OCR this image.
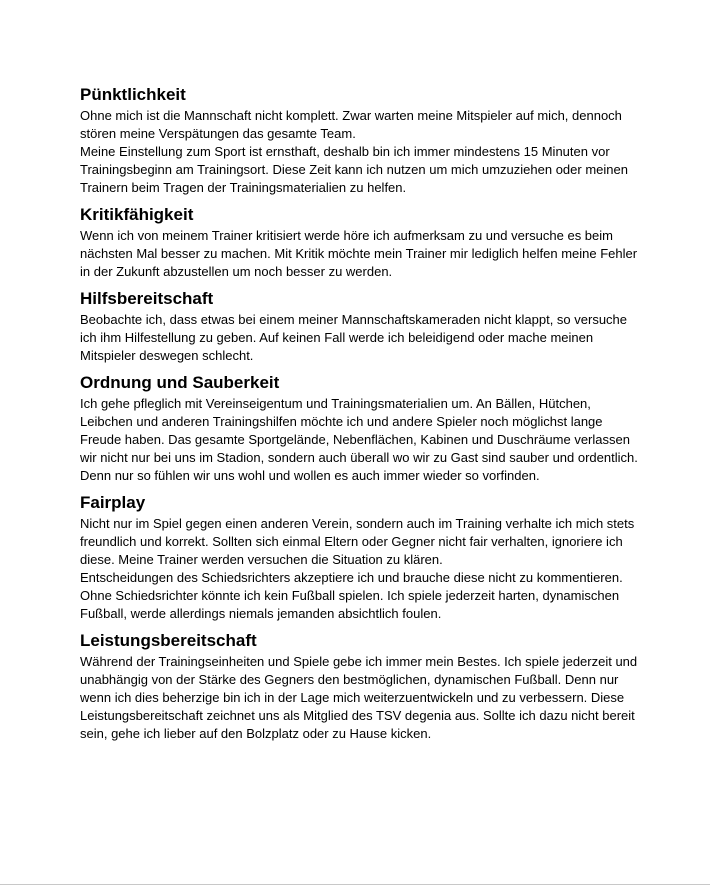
Pünktlichkeit

Ohne mich ist die Mannschaft nicht komplett. Zwar warten meine Mitspieler auf mich, dennoch stören meine Verspätungen das gesamte Team.

Meine Einstellung zum Sport ist ernsthaft, deshalb bin ich immer mindestens 15 Minuten vor Trainingsbeginn am Trainingsort. Diese Zeit kann ich nutzen um mich umzuziehen oder meinen Trainern beim Tragen der Trainingsmaterialien zu helfen.

Kritikfähigkeit

Wenn ich von meinem Trainer kritisiert werde höre ich aufmerksam zu und versuche es beim nächsten Mal besser zu machen. Mit Kritik möchte mein Trainer mir lediglich helfen meine Fehler in der Zukunft abzustellen um noch besser zu werden.

Hilfsbereitschaft

Beobachte ich, dass etwas bei einem meiner Mannschaftskameraden nicht klappt, so versuche ich ihm Hilfestellung zu geben. Auf keinen Fall werde ich beleidigend oder mache meinen Mitspieler deswegen schlecht.

Ordnung und Sauberkeit

Ich gehe pfleglich mit Vereinseigentum und Trainingsmaterialien um. An Bällen, Hütchen, Leibchen und anderen Trainingshilfen möchte ich und andere Spieler noch möglichst lange Freude haben. Das gesamte Sportgelände, Nebenflächen, Kabinen und Duschräume verlassen wir nicht nur bei uns im Stadion, sondern auch überall wo wir zu Gast sind sauber und ordentlich. Denn nur so fühlen wir uns wohl und wollen es auch immer wieder so vorfinden.

Fairplay

Nicht nur im Spiel gegen einen anderen Verein, sondern auch im Training verhalte ich mich stets freundlich und korrekt. Sollten sich einmal Eltern oder Gegner nicht fair verhalten, ignoriere ich diese. Meine Trainer werden versuchen die Situation zu klären.

Entscheidungen des Schiedsrichters akzeptiere ich und brauche diese nicht zu kommentieren. Ohne Schiedsrichter könnte ich kein Fußball spielen. Ich spiele jederzeit harten, dynamischen Fußball, werde allerdings niemals jemanden absichtlich foulen.

Leistungsbereitschaft

Während der Trainingseinheiten und Spiele gebe ich immer mein Bestes. Ich spiele jederzeit und unabhängig von der Stärke des Gegners den bestmöglichen, dynamischen Fußball. Denn nur wenn ich dies beherzige bin ich in der Lage mich weiterzuentwickeln und zu verbessern. Diese Leistungsbereitschaft zeichnet uns als Mitglied des TSV degenia aus. Sollte ich dazu nicht bereit sein, gehe ich lieber auf den Bolzplatz oder zu Hause kicken.
